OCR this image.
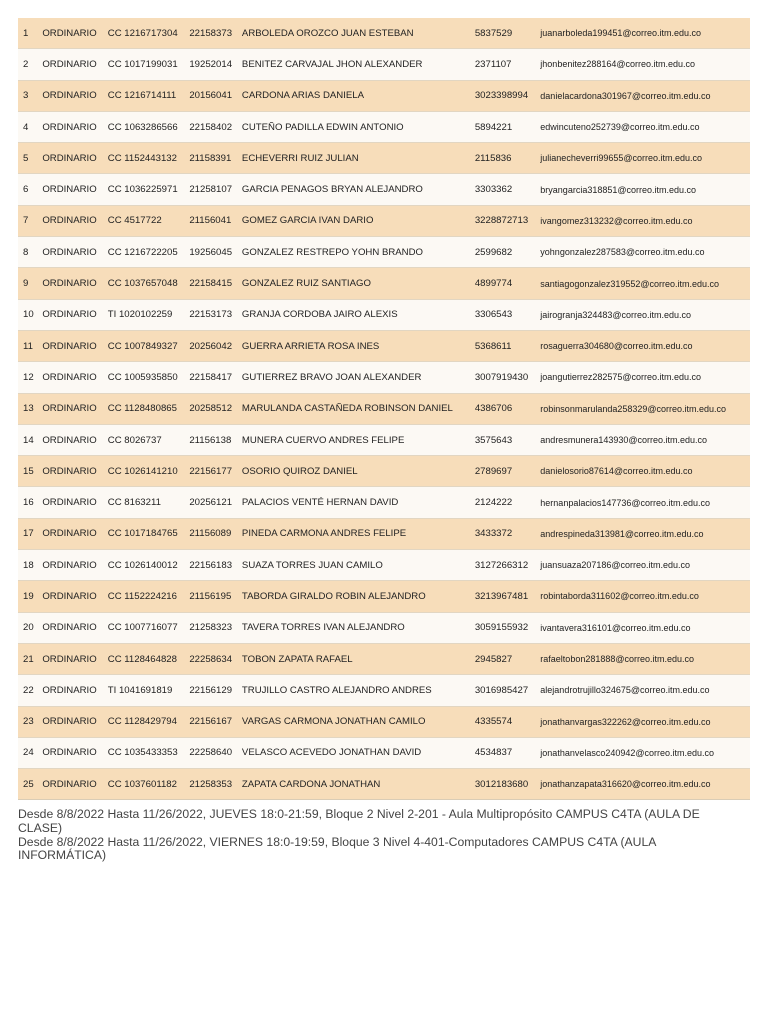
1	ORDINARIO	CC 1216717304	22158373	ARBOLEDA OROZCO JUAN ESTEBAN	5837529	juanarboleda199451@correo.itm.edu.co
2	ORDINARIO	CC 1017199031	19252014	BENITEZ CARVAJAL JHON ALEXANDER	2371107	jhonbenitez288164@correo.itm.edu.co
3	ORDINARIO	CC 1216714111	20156041	CARDONA ARIAS DANIELA	3023398994	danielacardona301967@correo.itm.edu.co
4	ORDINARIO	CC 1063286566	22158402	CUTEÑO PADILLA EDWIN ANTONIO	5894221	edwincuteno252739@correo.itm.edu.co
5	ORDINARIO	CC 1152443132	21158391	ECHEVERRI RUIZ JULIAN	2115836	julianecheverri99655@correo.itm.edu.co
6	ORDINARIO	CC 1036225971	21258107	GARCIA PENAGOS BRYAN ALEJANDRO	3303362	bryangarcia318851@correo.itm.edu.co
7	ORDINARIO	CC 4517722	21156041	GOMEZ GARCIA IVAN DARIO	3228872713	ivangomez313232@correo.itm.edu.co
8	ORDINARIO	CC 1216722205	19256045	GONZALEZ RESTREPO YOHN BRANDO	2599682	yohngonzalez287583@correo.itm.edu.co
9	ORDINARIO	CC 1037657048	22158415	GONZALEZ RUIZ SANTIAGO	4899774	santiagogonzalez319552@correo.itm.edu.co
10	ORDINARIO	TI 1020102259	22153173	GRANJA CORDOBA JAIRO ALEXIS	3306543	jairogranja324483@correo.itm.edu.co
11	ORDINARIO	CC 1007849327	20256042	GUERRA ARRIETA ROSA INES	5368611	rosaguerra304680@correo.itm.edu.co
12	ORDINARIO	CC 1005935850	22158417	GUTIERREZ BRAVO JOAN ALEXANDER	3007919430	joangutierrez282575@correo.itm.edu.co
13	ORDINARIO	CC 1128480865	20258512	MARULANDA CASTAÑEDA ROBINSON DANIEL	4386706	robinsonmarulanda258329@correo.itm.edu.co
14	ORDINARIO	CC 8026737	21156138	MUNERA CUERVO ANDRES FELIPE	3575643	andresmunera143930@correo.itm.edu.co
15	ORDINARIO	CC 1026141210	22156177	OSORIO QUIROZ DANIEL	2789697	danielosorio87614@correo.itm.edu.co
16	ORDINARIO	CC 8163211	20256121	PALACIOS VENTÉ HERNAN DAVID	2124222	hernanpalacios147736@correo.itm.edu.co
17	ORDINARIO	CC 1017184765	21156089	PINEDA CARMONA ANDRES FELIPE	3433372	andrespineda313981@correo.itm.edu.co
18	ORDINARIO	CC 1026140012	22156183	SUAZA TORRES JUAN CAMILO	3127266312	juansuaza207186@correo.itm.edu.co
19	ORDINARIO	CC 1152224216	21156195	TABORDA GIRALDO ROBIN ALEJANDRO	3213967481	robintaborda311602@correo.itm.edu.co
20	ORDINARIO	CC 1007716077	21258323	TAVERA TORRES IVAN ALEJANDRO	3059155932	ivantavera316101@correo.itm.edu.co
21	ORDINARIO	CC 1128464828	22258634	TOBON ZAPATA RAFAEL	2945827	rafaeltobon281888@correo.itm.edu.co
22	ORDINARIO	TI 1041691819	22156129	TRUJILLO CASTRO ALEJANDRO ANDRES	3016985427	alejandrotrujillo324675@correo.itm.edu.co
23	ORDINARIO	CC 1128429794	22156167	VARGAS CARMONA JONATHAN CAMILO	4335574	jonathanvargas322262@correo.itm.edu.co
24	ORDINARIO	CC 1035433353	22258640	VELASCO ACEVEDO JONATHAN DAVID	4534837	jonathanvelasco240942@correo.itm.edu.co
25	ORDINARIO	CC 1037601182	21258353	ZAPATA CARDONA JONATHAN	3012183680	jonathanzapata316620@correo.itm.edu.co

Desde 8/8/2022 Hasta 11/26/2022, JUEVES 18:0-21:59, Bloque 2 Nivel 2-201 - Aula Multipropósito CAMPUS C4TA (AULA DE CLASE)

Desde 8/8/2022 Hasta 11/26/2022, VIERNES 18:0-19:59, Bloque 3 Nivel 4-401-Computadores CAMPUS C4TA (AULA INFORMÁTICA)
